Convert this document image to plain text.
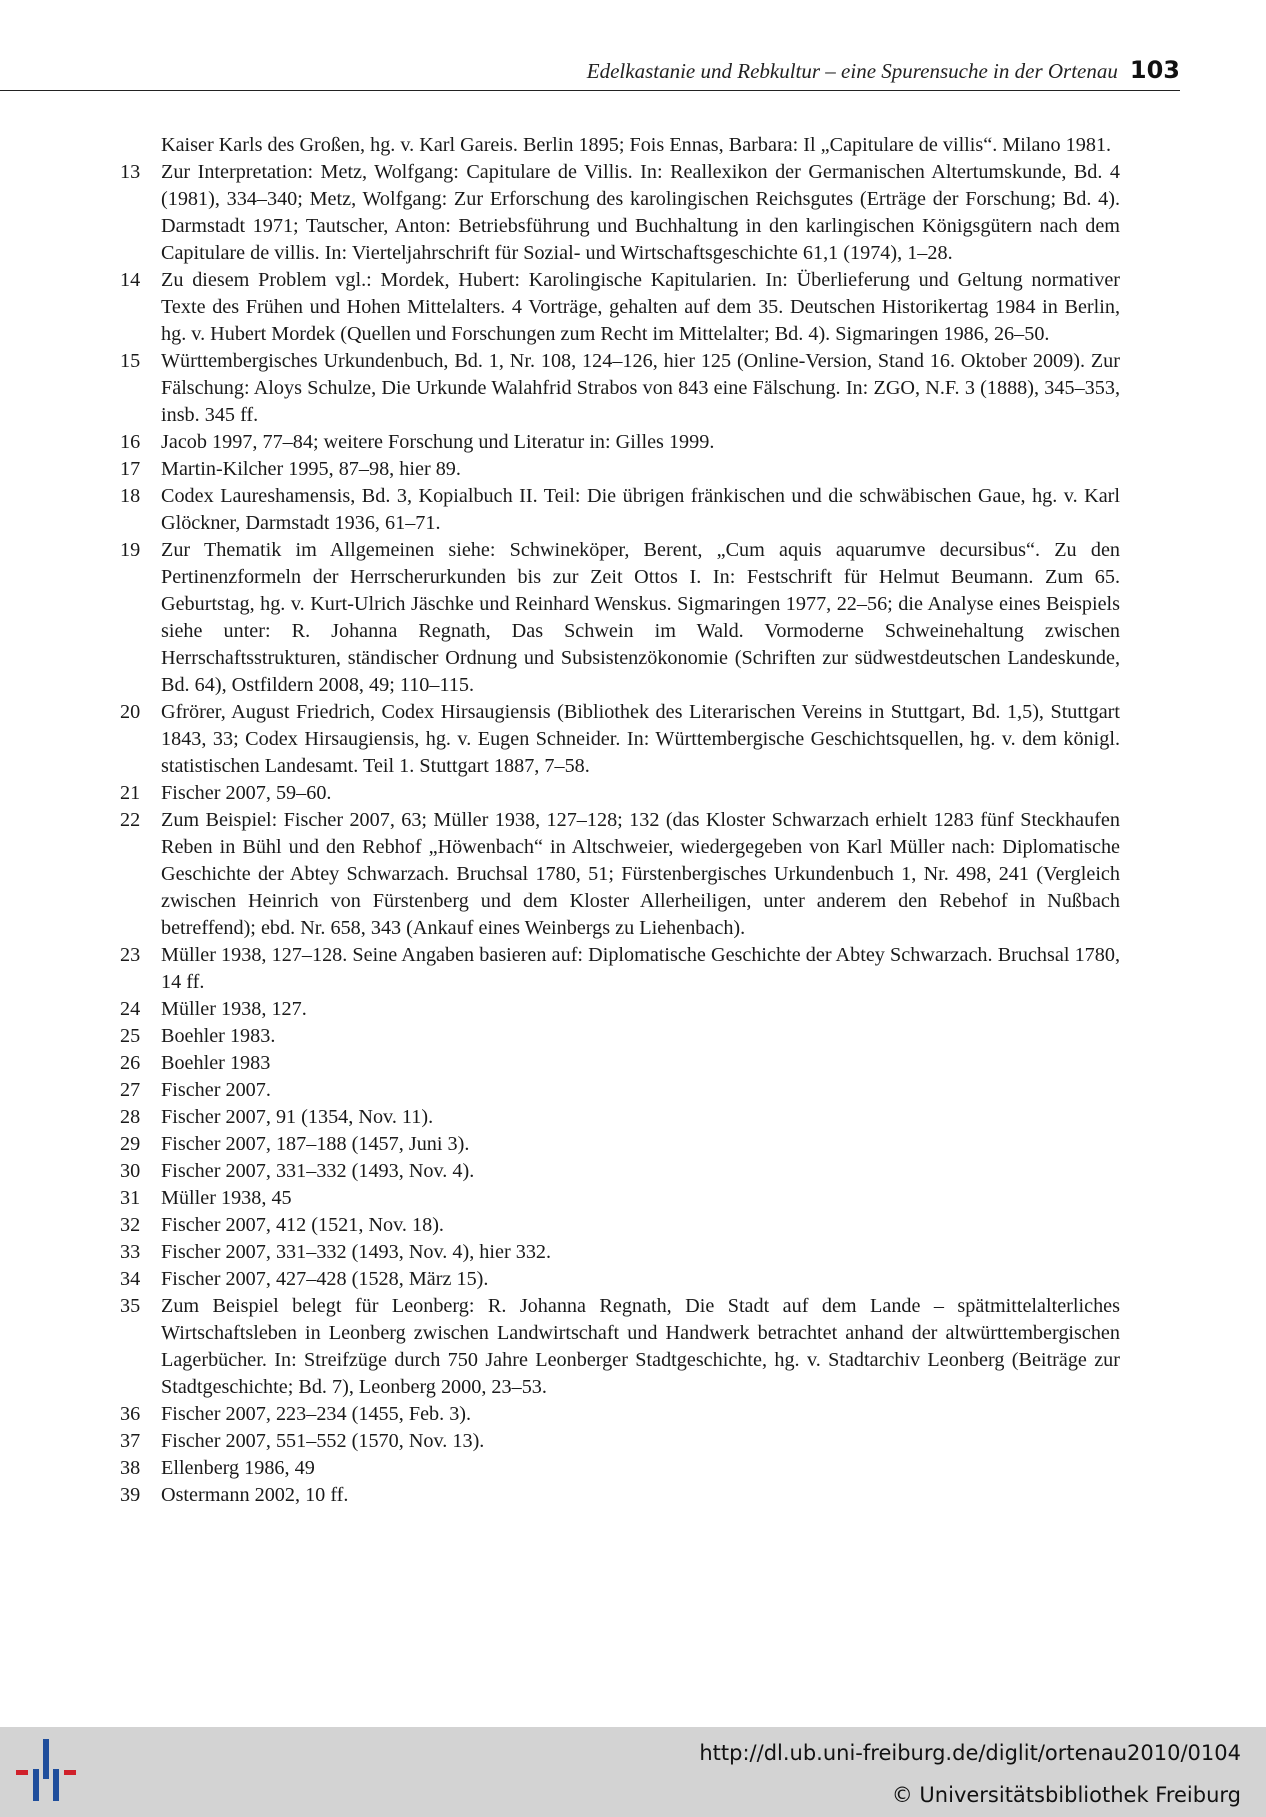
Edelkastanie und Rebkultur – eine Spurensuche in der Ortenau 103
Kaiser Karls des Großen, hg. v. Karl Gareis. Berlin 1895; Fois Ennas, Barbara: Il „Capitulare de villis“. Milano 1981.
13	Zur Interpretation: Metz, Wolfgang: Capitulare de Villis. In: Reallexikon der Germanischen Altertumskunde, Bd. 4 (1981), 334–340; Metz, Wolfgang: Zur Erforschung des karolingischen Reichsgutes (Erträge der Forschung; Bd. 4). Darmstadt 1971; Tautscher, Anton: Betriebsführung und Buchhaltung in den karlingischen Königsgütern nach dem Capitulare de villis. In: Vierteljahrschrift für Sozial- und Wirtschaftsgeschichte 61,1 (1974), 1–28.
14	Zu diesem Problem vgl.: Mordek, Hubert: Karolingische Kapitularien. In: Überlieferung und Geltung normativer Texte des Frühen und Hohen Mittelalters. 4 Vorträge, gehalten auf dem 35. Deutschen Historikertag 1984 in Berlin, hg. v. Hubert Mordek (Quellen und Forschungen zum Recht im Mittelalter; Bd. 4). Sigmaringen 1986, 26–50.
15	Württembergisches Urkundenbuch, Bd. 1, Nr. 108, 124–126, hier 125 (Online-Version, Stand 16. Oktober 2009). Zur Fälschung: Aloys Schulze, Die Urkunde Walahfrid Strabos von 843 eine Fälschung. In: ZGO, N.F. 3 (1888), 345–353, insb. 345 ff.
16	Jacob 1997, 77–84; weitere Forschung und Literatur in: Gilles 1999.
17	Martin-Kilcher 1995, 87–98, hier 89.
18	Codex Laureshamensis, Bd. 3, Kopialbuch II. Teil: Die übrigen fränkischen und die schwäbischen Gaue, hg. v. Karl Glöckner, Darmstadt 1936, 61–71.
19	Zur Thematik im Allgemeinen siehe: Schwineköper, Berent, „Cum aquis aquarumve decursibus“. Zu den Pertinenzformeln der Herrscherurkunden bis zur Zeit Ottos I. In: Festschrift für Helmut Beumann. Zum 65. Geburtstag, hg. v. Kurt-Ulrich Jäschke und Reinhard Wenskus. Sigmaringen 1977, 22–56; die Analyse eines Beispiels siehe unter: R. Johanna Regnath, Das Schwein im Wald. Vormoderne Schweinehaltung zwischen Herrschaftsstrukturen, ständischer Ordnung und Subsistenzökonomie (Schriften zur südwestdeutschen Landeskunde, Bd. 64), Ostfildern 2008, 49; 110–115.
20	Gfrörer, August Friedrich, Codex Hirsaugiensis (Bibliothek des Literarischen Vereins in Stuttgart, Bd. 1,5), Stuttgart 1843, 33; Codex Hirsaugiensis, hg. v. Eugen Schneider. In: Württembergische Geschichtsquellen, hg. v. dem königl. statistischen Landesamt. Teil 1. Stuttgart 1887, 7–58.
21	Fischer 2007, 59–60.
22	Zum Beispiel: Fischer 2007, 63; Müller 1938, 127–128; 132 (das Kloster Schwarzach erhielt 1283 fünf Steckhaufen Reben in Bühl und den Rebhof „Höwenbach“ in Altschweier, wiedergegeben von Karl Müller nach: Diplomatische Geschichte der Abtey Schwarzach. Bruchsal 1780, 51; Fürstenbergisches Urkundenbuch 1, Nr. 498, 241 (Vergleich zwischen Heinrich von Fürstenberg und dem Kloster Allerheiligen, unter anderem den Rebehof in Nußbach betreffend); ebd. Nr. 658, 343 (Ankauf eines Weinbergs zu Liehenbach).
23	Müller 1938, 127–128. Seine Angaben basieren auf: Diplomatische Geschichte der Abtey Schwarzach. Bruchsal 1780, 14 ff.
24	Müller 1938, 127.
25	Boehler 1983.
26	Boehler 1983
27	Fischer 2007.
28	Fischer 2007, 91 (1354, Nov. 11).
29	Fischer 2007, 187–188 (1457, Juni 3).
30	Fischer 2007, 331–332 (1493, Nov. 4).
31	Müller 1938, 45
32	Fischer 2007, 412 (1521, Nov. 18).
33	Fischer 2007, 331–332 (1493, Nov. 4), hier 332.
34	Fischer 2007, 427–428 (1528, März 15).
35	Zum Beispiel belegt für Leonberg: R. Johanna Regnath, Die Stadt auf dem Lande – spätmittelalterliches Wirtschaftsleben in Leonberg zwischen Landwirtschaft und Handwerk betrachtet anhand der altwürttembergischen Lagerbücher. In: Streifzüge durch 750 Jahre Leonberger Stadtgeschichte, hg. v. Stadtarchiv Leonberg (Beiträge zur Stadtgeschichte; Bd. 7), Leonberg 2000, 23–53.
36	Fischer 2007, 223–234 (1455, Feb. 3).
37	Fischer 2007, 551–552 (1570, Nov. 13).
38	Ellenberg 1986, 49
39	Ostermann 2002, 10 ff.
http://dl.ub.uni-freiburg.de/diglit/ortenau2010/0104
© Universitätsbibliothek Freiburg
